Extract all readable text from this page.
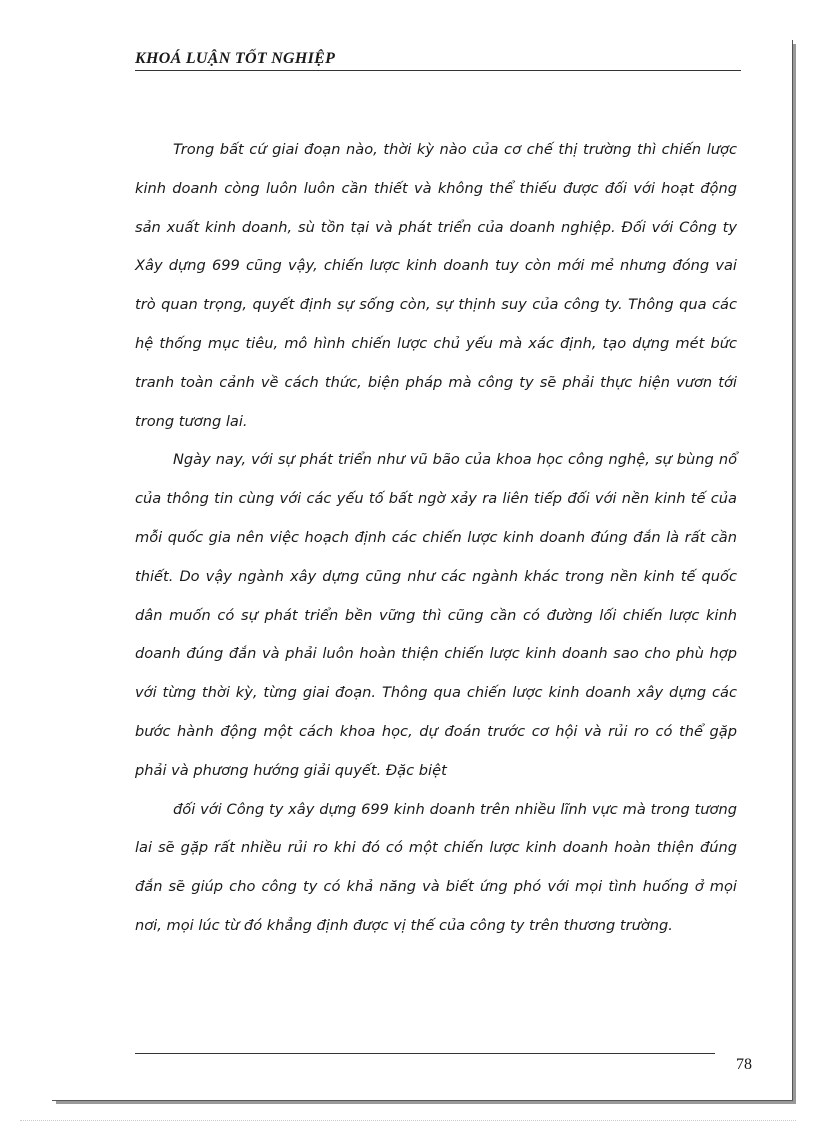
KHOÁ LUẬN TỐT NGHIỆP

Trong bất cứ giai đoạn nào, thời kỳ nào của cơ chế thị trường thì chiến lược kinh doanh còng luôn luôn cần thiết và không thể thiếu được đối với hoạt động sản xuất kinh doanh, sù tồn tại và phát triển của doanh nghiệp. Đối với Công ty Xây dựng 699 cũng vậy, chiến lược kinh doanh tuy còn mới mẻ nhưng đóng vai trò quan trọng, quyết định sự sống còn, sự thịnh suy của công ty. Thông qua các hệ thống mục tiêu, mô hình chiến lược chủ yếu mà xác định, tạo dựng mét bức tranh toàn cảnh về cách thức, biện pháp mà công ty sẽ phải thực hiện vươn tới trong tương lai.

Ngày nay, với sự phát triển như vũ bão của khoa học công nghệ, sự bùng nổ của thông tin cùng với các yếu tố bất ngờ xảy ra liên tiếp đối với nền kinh tế của mỗi quốc gia nên việc hoạch định các chiến lược kinh doanh đúng đắn là rất cần thiết. Do vậy ngành xây dựng cũng như các ngành khác trong nền kinh tế quốc dân muốn có sự phát triển bền vững thì cũng cần có đường lối chiến lược kinh doanh đúng đắn và phải luôn hoàn thiện chiến lược kinh doanh sao cho phù hợp với từng thời kỳ, từng giai đoạn. Thông qua chiến lược kinh doanh xây dựng các bước hành động một cách khoa học, dự đoán trước cơ hội và rủi ro có thể gặp phải và phương hướng giải quyết. Đặc biệt

đối với Công ty xây dựng 699 kinh doanh trên nhiều lĩnh vực mà trong tương lai sẽ gặp rất nhiều rủi ro khi đó có một chiến lược kinh doanh hoàn thiện đúng đắn sẽ giúp cho công ty có khả năng và biết ứng phó với mọi tình huống ở mọi nơi, mọi lúc từ đó khẳng định được vị thế của công ty trên thương trường.

78
